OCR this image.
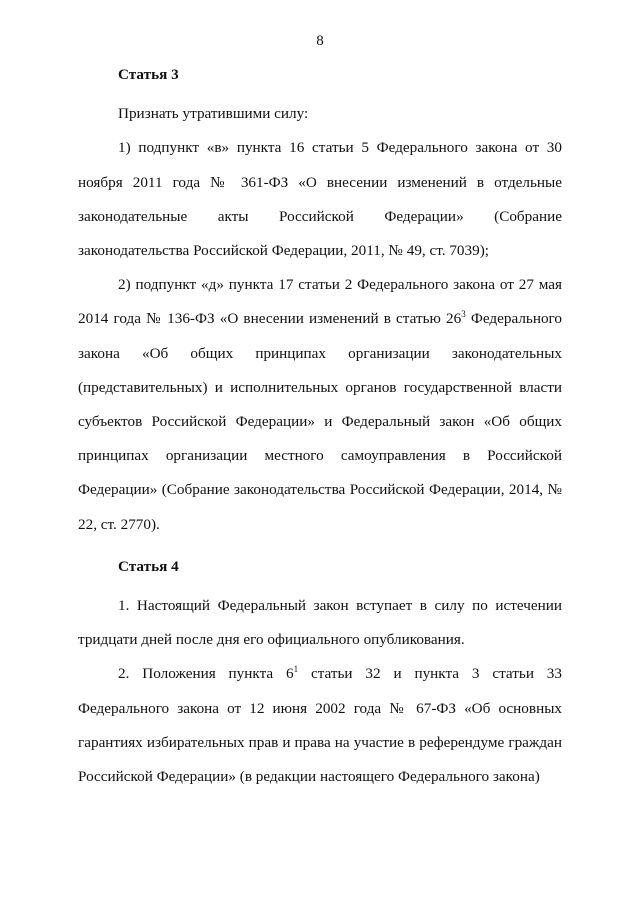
8

Статья 3

Признать утратившими силу:

1) подпункт «в» пункта 16 статьи 5 Федерального закона от 30 ноября 2011 года № 361-ФЗ «О внесении изменений в отдельные законодательные акты Российской Федерации» (Собрание законодательства Российской Федерации, 2011, № 49, ст. 7039);

2) подпункт «д» пункта 17 статьи 2 Федерального закона от 27 мая 2014 года № 136-ФЗ «О внесении изменений в статью $26^3$ Федерального закона «Об общих принципах организации законодательных (представительных) и исполнительных органов государственной власти субъектов Российской Федерации» и Федеральный закон «Об общих принципах организации местного самоуправления в Российской Федерации» (Собрание законодательства Российской Федерации, 2014, № 22, ст. 2770).

Статья 4

1. Настоящий Федеральный закон вступает в силу по истечении тридцати дней после дня его официального опубликования.

2. Положения пункта $6^1$ статьи 32 и пункта 3 статьи 33 Федерального закона от 12 июня 2002 года № 67-ФЗ «Об основных гарантиях избирательных прав и права на участие в референдуме граждан Российской Федерации» (в редакции настоящего Федерального закона)
